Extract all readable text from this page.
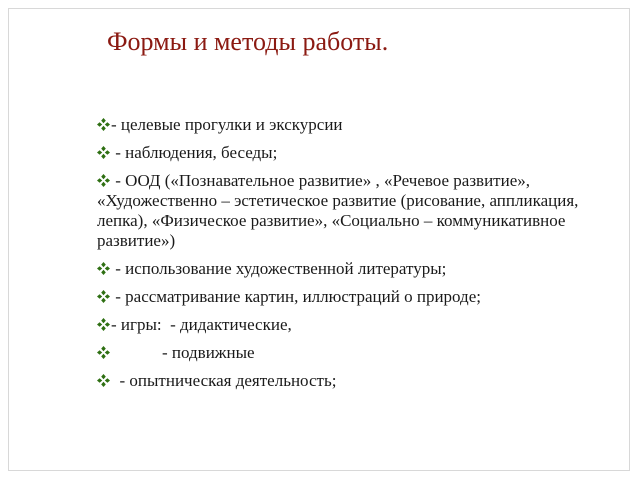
Формы и методы работы.
- целевые прогулки и экскурсии
- наблюдения, беседы;
- ООД («Познавательное развитие» , «Речевое развитие», «Художественно – эстетическое развитие (рисование, аппликация, лепка), «Физическое развитие», «Социально – коммуникативное развитие»)
- использование художественной литературы;
- рассматривание картин, иллюстраций о природе;
- игры:  - дидактические,
- подвижные
- опытническая деятельность;
